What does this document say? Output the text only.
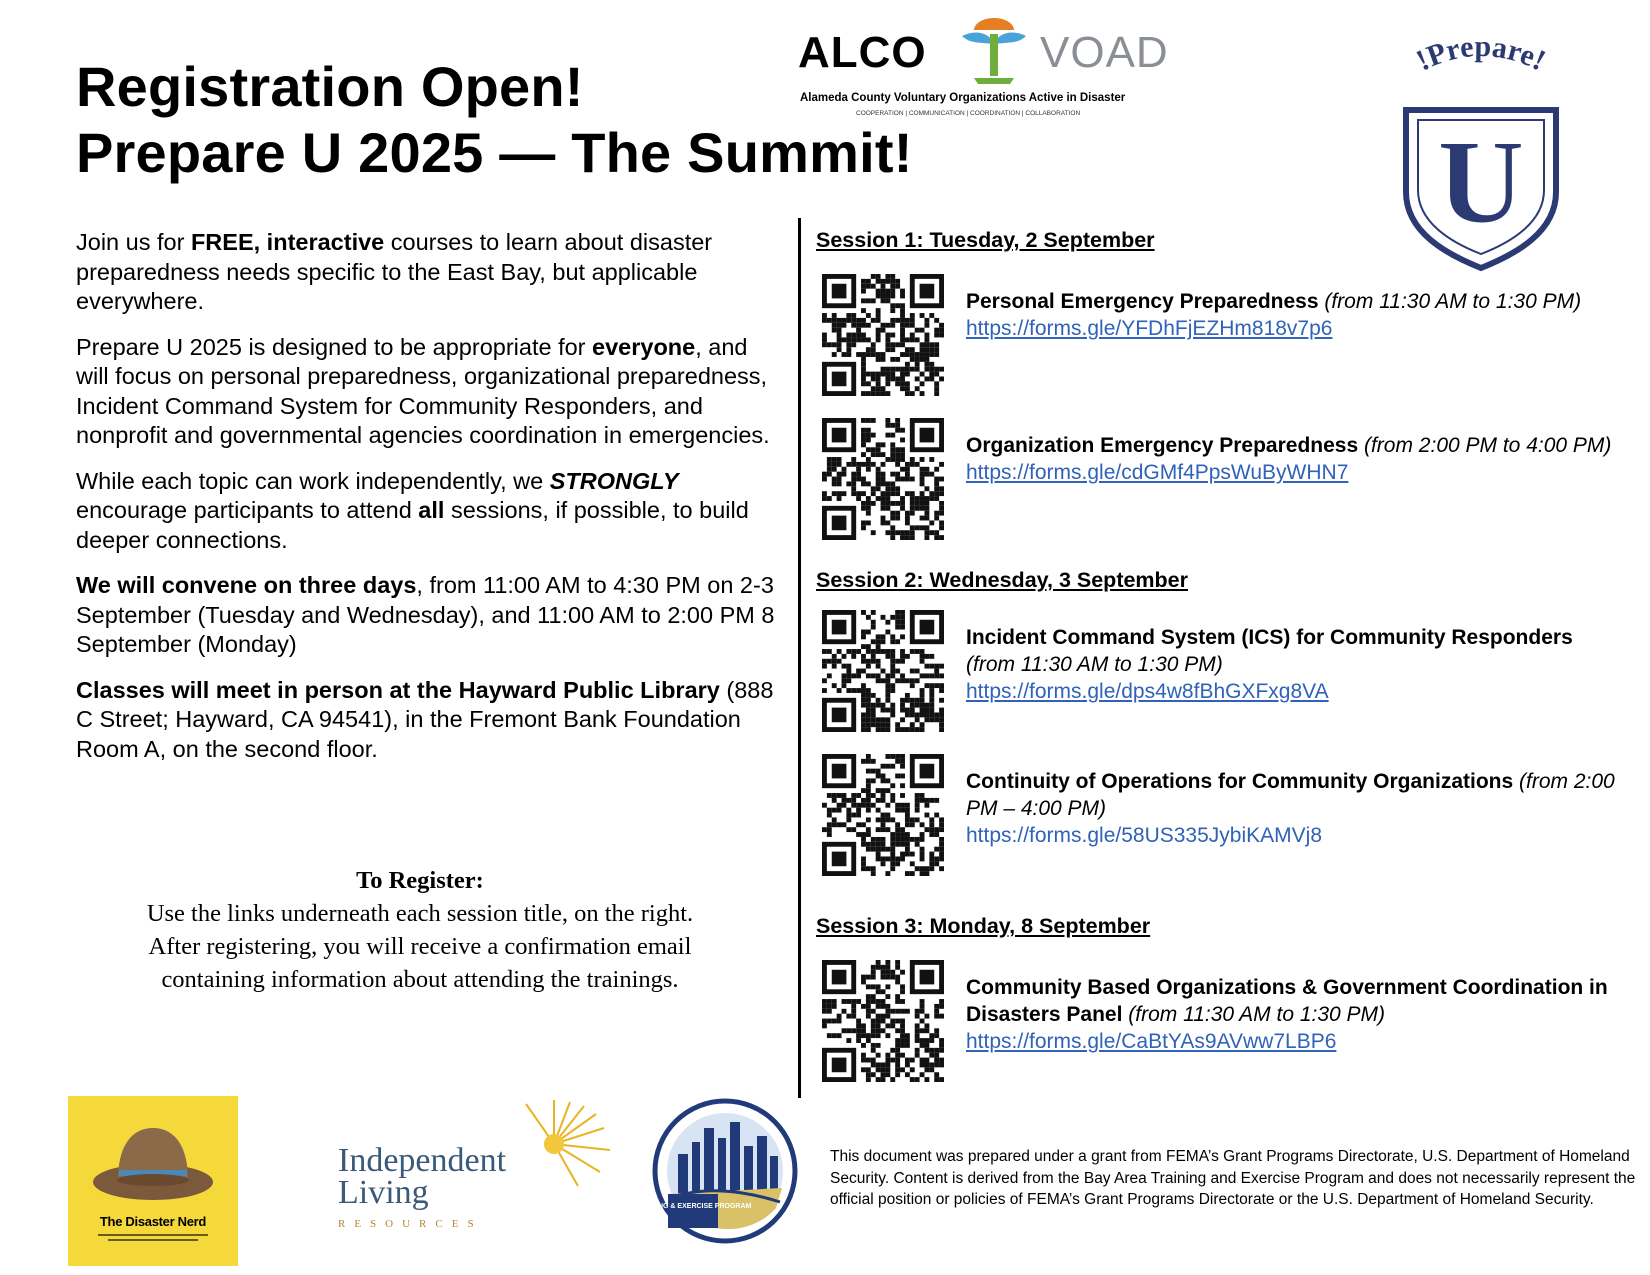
Registration Open!
Prepare U 2025 — The Summit!
ALCO	VOAD
Alameda County Voluntary Organizations Active in Disaster
COOPERATION | COMMUNICATION | COORDINATION | COLLABORATION
!Prepare!
U

Join us for FREE, interactive courses to learn about disaster preparedness needs specific to the East Bay, but applicable everywhere.

Prepare U 2025 is designed to be appropriate for everyone, and will focus on personal preparedness, organizational preparedness, Incident Command System for Community Responders, and nonprofit and governmental agencies coordination in emergencies.

While each topic can work independently, we STRONGLY encourage participants to attend all sessions, if possible, to build deeper connections.

We will convene on three days, from 11:00 AM to 4:30 PM on 2-3 September (Tuesday and Wednesday), and 11:00 AM to 2:00 PM 8 September (Monday)

Classes will meet in person at the Hayward Public Library (888 C Street; Hayward, CA 94541), in the Fremont Bank Foundation Room A, on the second floor.

To Register:
Use the links underneath each session title, on the right.
After registering, you will receive a confirmation email
containing information about attending the trainings.
Session 1: Tuesday, 2 September
Session 2: Wednesday, 3 September
Session 3: Monday, 8 September
Personal Emergency Preparedness (from 11:30 AM to 1:30 PM)
https://forms.gle/YFDhFjEZHm818v7p6
Organization Emergency Preparedness (from 2:00 PM to 4:00 PM)
https://forms.gle/cdGMf4PpsWuByWHN7
Incident Command System (ICS) for Community Responders (from 11:30 AM to 1:30 PM)
https://forms.gle/dps4w8fBhGXFxg8VA
Continuity of Operations for Community Organizations (from 2:00 PM – 4:00 PM)
https://forms.gle/58US335JybiKAMVj8
Community Based Organizations & Government Coordination in Disasters Panel (from 11:30 AM to 1:30 PM)
https://forms.gle/CaBtYAs9AVww7LBP6
The Disaster Nerd
Independent
Living
RESOURCES
TRAINING & EXERCISE PROGRAM
This document was prepared under a grant from FEMA’s Grant Programs Directorate, U.S. Department of Homeland Security. Content is derived from the Bay Area Training and Exercise Program and does not necessarily represent the official position or policies of FEMA’s Grant Programs Directorate or the U.S. Department of Homeland Security.
